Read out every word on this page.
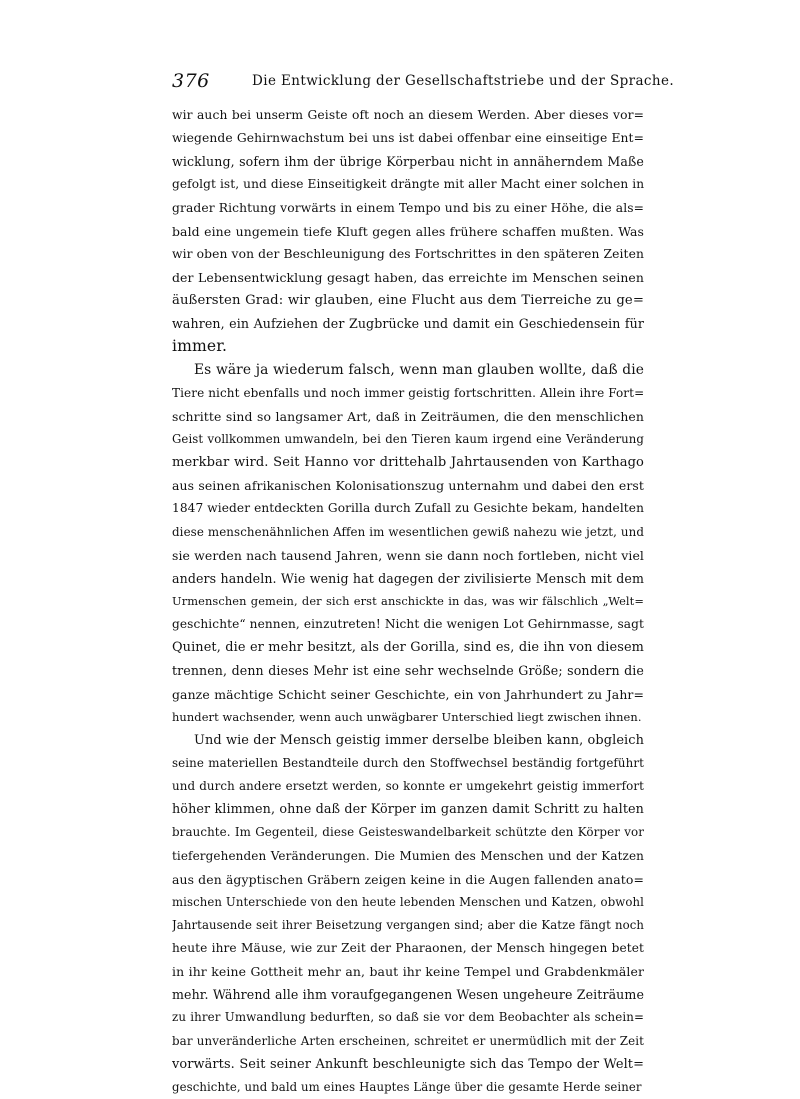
376	Die Entwicklung der Gesellschaftstriebe und der Sprache.
wir auch bei unserm Geiste oft noch an diesem Werden. Aber dieses vor=
wiegende Gehirnwachstum bei uns ist dabei offenbar eine einseitige Ent=
wicklung, sofern ihm der übrige Körperbau nicht in annäherndem Maße
gefolgt ist, und diese Einseitigkeit drängte mit aller Macht einer solchen in
grader Richtung vorwärts in einem Tempo und bis zu einer Höhe, die als=
bald eine ungemein tiefe Kluft gegen alles frühere schaffen mußten. Was
wir oben von der Beschleunigung des Fortschrittes in den späteren Zeiten
der Lebensentwicklung gesagt haben, das erreichte im Menschen seinen
äußersten Grad: wir glauben, eine Flucht aus dem Tierreiche zu ge=
wahren, ein Aufziehen der Zugbrücke und damit ein Geschiedensein für
immer.
Es wäre ja wiederum falsch, wenn man glauben wollte, daß die
Tiere nicht ebenfalls und noch immer geistig fortschritten. Allein ihre Fort=
schritte sind so langsamer Art, daß in Zeiträumen, die den menschlichen
Geist vollkommen umwandeln, bei den Tieren kaum irgend eine Veränderung
merkbar wird. Seit Hanno vor drittehalb Jahrtausenden von Karthago
aus seinen afrikanischen Kolonisationszug unternahm und dabei den erst
1847 wieder entdeckten Gorilla durch Zufall zu Gesichte bekam, handelten
diese menschenähnlichen Affen im wesentlichen gewiß nahezu wie jetzt, und
sie werden nach tausend Jahren, wenn sie dann noch fortleben, nicht viel
anders handeln. Wie wenig hat dagegen der zivilisierte Mensch mit dem
Urmenschen gemein, der sich erst anschickte in das, was wir fälschlich „Welt=
geschichte“ nennen, einzutreten! Nicht die wenigen Lot Gehirnmasse, sagt
Quinet, die er mehr besitzt, als der Gorilla, sind es, die ihn von diesem
trennen, denn dieses Mehr ist eine sehr wechselnde Größe; sondern die
ganze mächtige Schicht seiner Geschichte, ein von Jahrhundert zu Jahr=
hundert wachsender, wenn auch unwägbarer Unterschied liegt zwischen ihnen.
Und wie der Mensch geistig immer derselbe bleiben kann, obgleich
seine materiellen Bestandteile durch den Stoffwechsel beständig fortgeführt
und durch andere ersetzt werden, so konnte er umgekehrt geistig immerfort
höher klimmen, ohne daß der Körper im ganzen damit Schritt zu halten
brauchte. Im Gegenteil, diese Geisteswandelbarkeit schützte den Körper vor
tiefergehenden Veränderungen. Die Mumien des Menschen und der Katzen
aus den ägyptischen Gräbern zeigen keine in die Augen fallenden anato=
mischen Unterschiede von den heute lebenden Menschen und Katzen, obwohl
Jahrtausende seit ihrer Beisetzung vergangen sind; aber die Katze fängt noch
heute ihre Mäuse, wie zur Zeit der Pharaonen, der Mensch hingegen betet
in ihr keine Gottheit mehr an, baut ihr keine Tempel und Grabdenkmäler
mehr. Während alle ihm voraufgegangenen Wesen ungeheure Zeiträume
zu ihrer Umwandlung bedurften, so daß sie vor dem Beobachter als schein=
bar unveränderliche Arten erscheinen, schreitet er unermüdlich mit der Zeit
vorwärts. Seit seiner Ankunft beschleunigte sich das Tempo der Welt=
geschichte, und bald um eines Hauptes Länge über die gesamte Herde seiner
